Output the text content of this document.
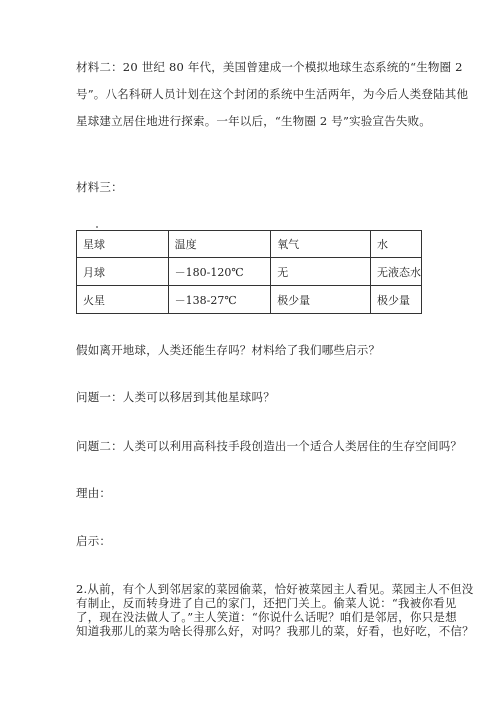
材料二：20 世纪 80 年代，美国曾建成一个模拟地球生态系统的“生物圈 2
号”。八名科研人员计划在这个封闭的系统中生活两年，为今后人类登陆其他
星球建立居住地进行探索。一年以后，“生物圈 2 号”实验宣告失败。
材料三：
星球	温度	氧气	水
月球	－180-120℃	无	无液态水
火星	－138-27℃	极少量	极少量
假如离开地球，人类还能生存吗？材料给了我们哪些启示？
问题一：人类可以移居到其他星球吗？
问题二：人类可以利用高科技手段创造出一个适合人类居住的生存空间吗？
理由：
启示：
2.从前，有个人到邻居家的菜园偷菜，恰好被菜园主人看见。菜园主人不但没
有制止，反而转身进了自己的家门，还把门关上。偷菜人说：“我被你看见
了，现在没法做人了。”主人笑道：“你说什么话呢？咱们是邻居，你只是想
知道我那儿的菜为啥长得那么好，对吗？我那儿的菜，好看，也好吃，不信？
